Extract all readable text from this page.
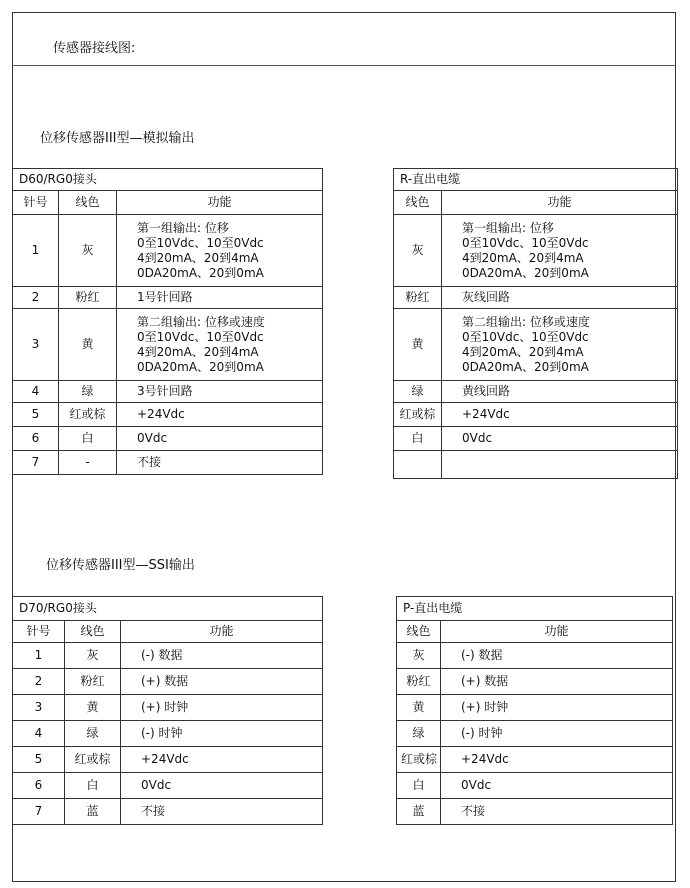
传感器接线图:
位移传感器III型—模拟输出
位移传感器III型—SSI输出
D60/RG0接头		
针号	线色	功能
1	灰	第一组输出: 位移
0至10Vdc、10至0Vdc
4到20mA、20到4mA
0DA20mA、20到0mA

2	粉红	1号针回路

3	黄	第二组输出: 位移或速度
0至10Vdc、10至0Vdc
4到20mA、20到4mA
0DA20mA、20到0mA

4	绿	3号针回路

5	红或棕	+24Vdc

6	白	0Vdc

7	-	不接
R-直出电缆	
线色	功能
灰	第一组输出: 位移
0至10Vdc、10至0Vdc
4到20mA、20到4mA
0DA20mA、20到0mA

粉红	灰线回路

黄	第二组输出: 位移或速度
0至10Vdc、10至0Vdc
4到20mA、20到4mA
0DA20mA、20到0mA

绿	黄线回路

红或棕	+24Vdc

白	0Vdc

D70/RG0接头		
针号	线色	功能
1	灰	(-) 数据

2	粉红	(+) 数据

3	黄	(+) 时钟

4	绿	(-) 时钟

5	红或棕	+24Vdc

6	白	0Vdc

7	蓝	不接
P-直出电缆	
线色	功能
灰	(-) 数据

粉红	(+) 数据

黄	(+) 时钟

绿	(-) 时钟

红或棕	+24Vdc

白	0Vdc

蓝	不接
